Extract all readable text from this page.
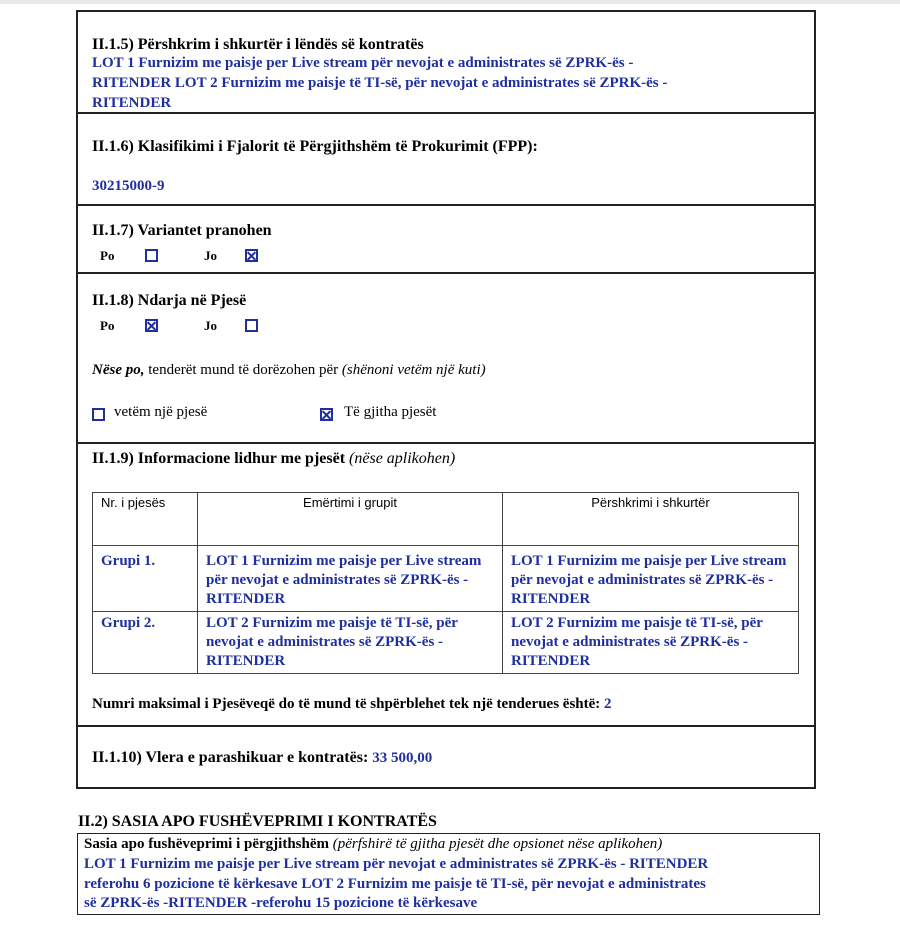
II.1.5) Përshkrim i shkurtër i lëndës së kontratës
LOT 1 Furnizim me paisje per Live stream për nevojat e administrates së ZPRK-ës -
RITENDER LOT 2 Furnizim me paisje të TI-së, për nevojat e administrates së ZPRK-ës -
RITENDER
II.1.6) Klasifikimi i Fjalorit të Përgjithshëm të Prokurimit (FPP):
30215000-9
II.1.7) Variantet pranohen
Po	Jo
II.1.8) Ndarja në Pjesë
Po	Jo
Nëse po, tenderët mund të dorëzohen për (shënoni vetëm një kuti)
vetëm një pjesë	Të gjitha pjesët
II.1.9) Informacione lidhur me pjesët (nëse aplikohen)
Nr. i pjesës	Emërtimi i grupit	Përshkrimi i shkurtër
Grupi 1.	LOT 1 Furnizim me paisje per Live stream për nevojat e administrates së ZPRK-ës - RITENDER	LOT 1 Furnizim me paisje per Live stream për nevojat e administrates së ZPRK-ës - RITENDER
Grupi 2.	LOT 2 Furnizim me paisje të TI-së, për nevojat e administrates së ZPRK-ës -RITENDER	LOT 2 Furnizim me paisje të TI-së, për nevojat e administrates së ZPRK-ës -RITENDER
Numri maksimal i Pjesëveqë do të mund të shpërblehet tek një tenderues është: 2
II.1.10) Vlera e parashikuar e kontratës: 33 500,00
II.2) SASIA APO FUSHËVEPRIMI I KONTRATËS
Sasia apo fushëveprimi i përgjithshëm (përfshirë të gjitha pjesët dhe opsionet nëse aplikohen)
LOT 1 Furnizim me paisje per Live stream për nevojat e administrates së ZPRK-ës - RITENDER
referohu 6 pozicione të kërkesave LOT 2 Furnizim me paisje të TI-së, për nevojat e administrates
së ZPRK-ës -RITENDER -referohu 15 pozicione të kërkesave
